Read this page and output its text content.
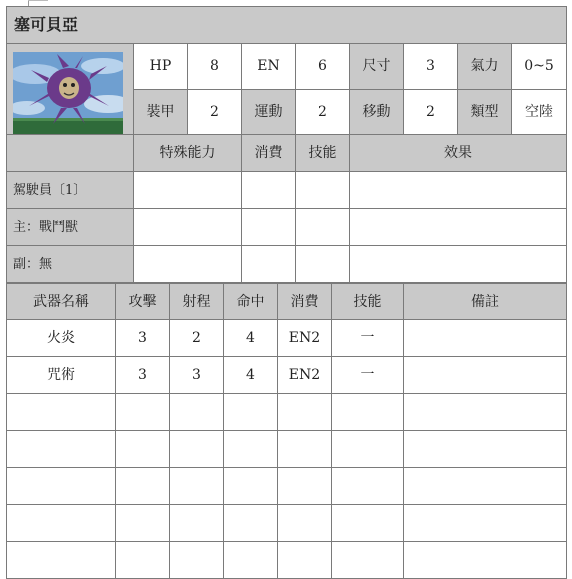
塞可貝亞								

	HP	8	EN	6	尺寸	3	氣力	0~5
	裝甲	2	運動	2	移動	2	類型	空陸
	特殊能力		消費	技能	效果			
駕駛員〔1〕								
主：戰鬥獸								
副：無								
武器名稱	攻擊	射程	命中	消費	技能	備註
火炎	3	2	4	EN2	一	
咒術	3	3	4	EN2	一	
